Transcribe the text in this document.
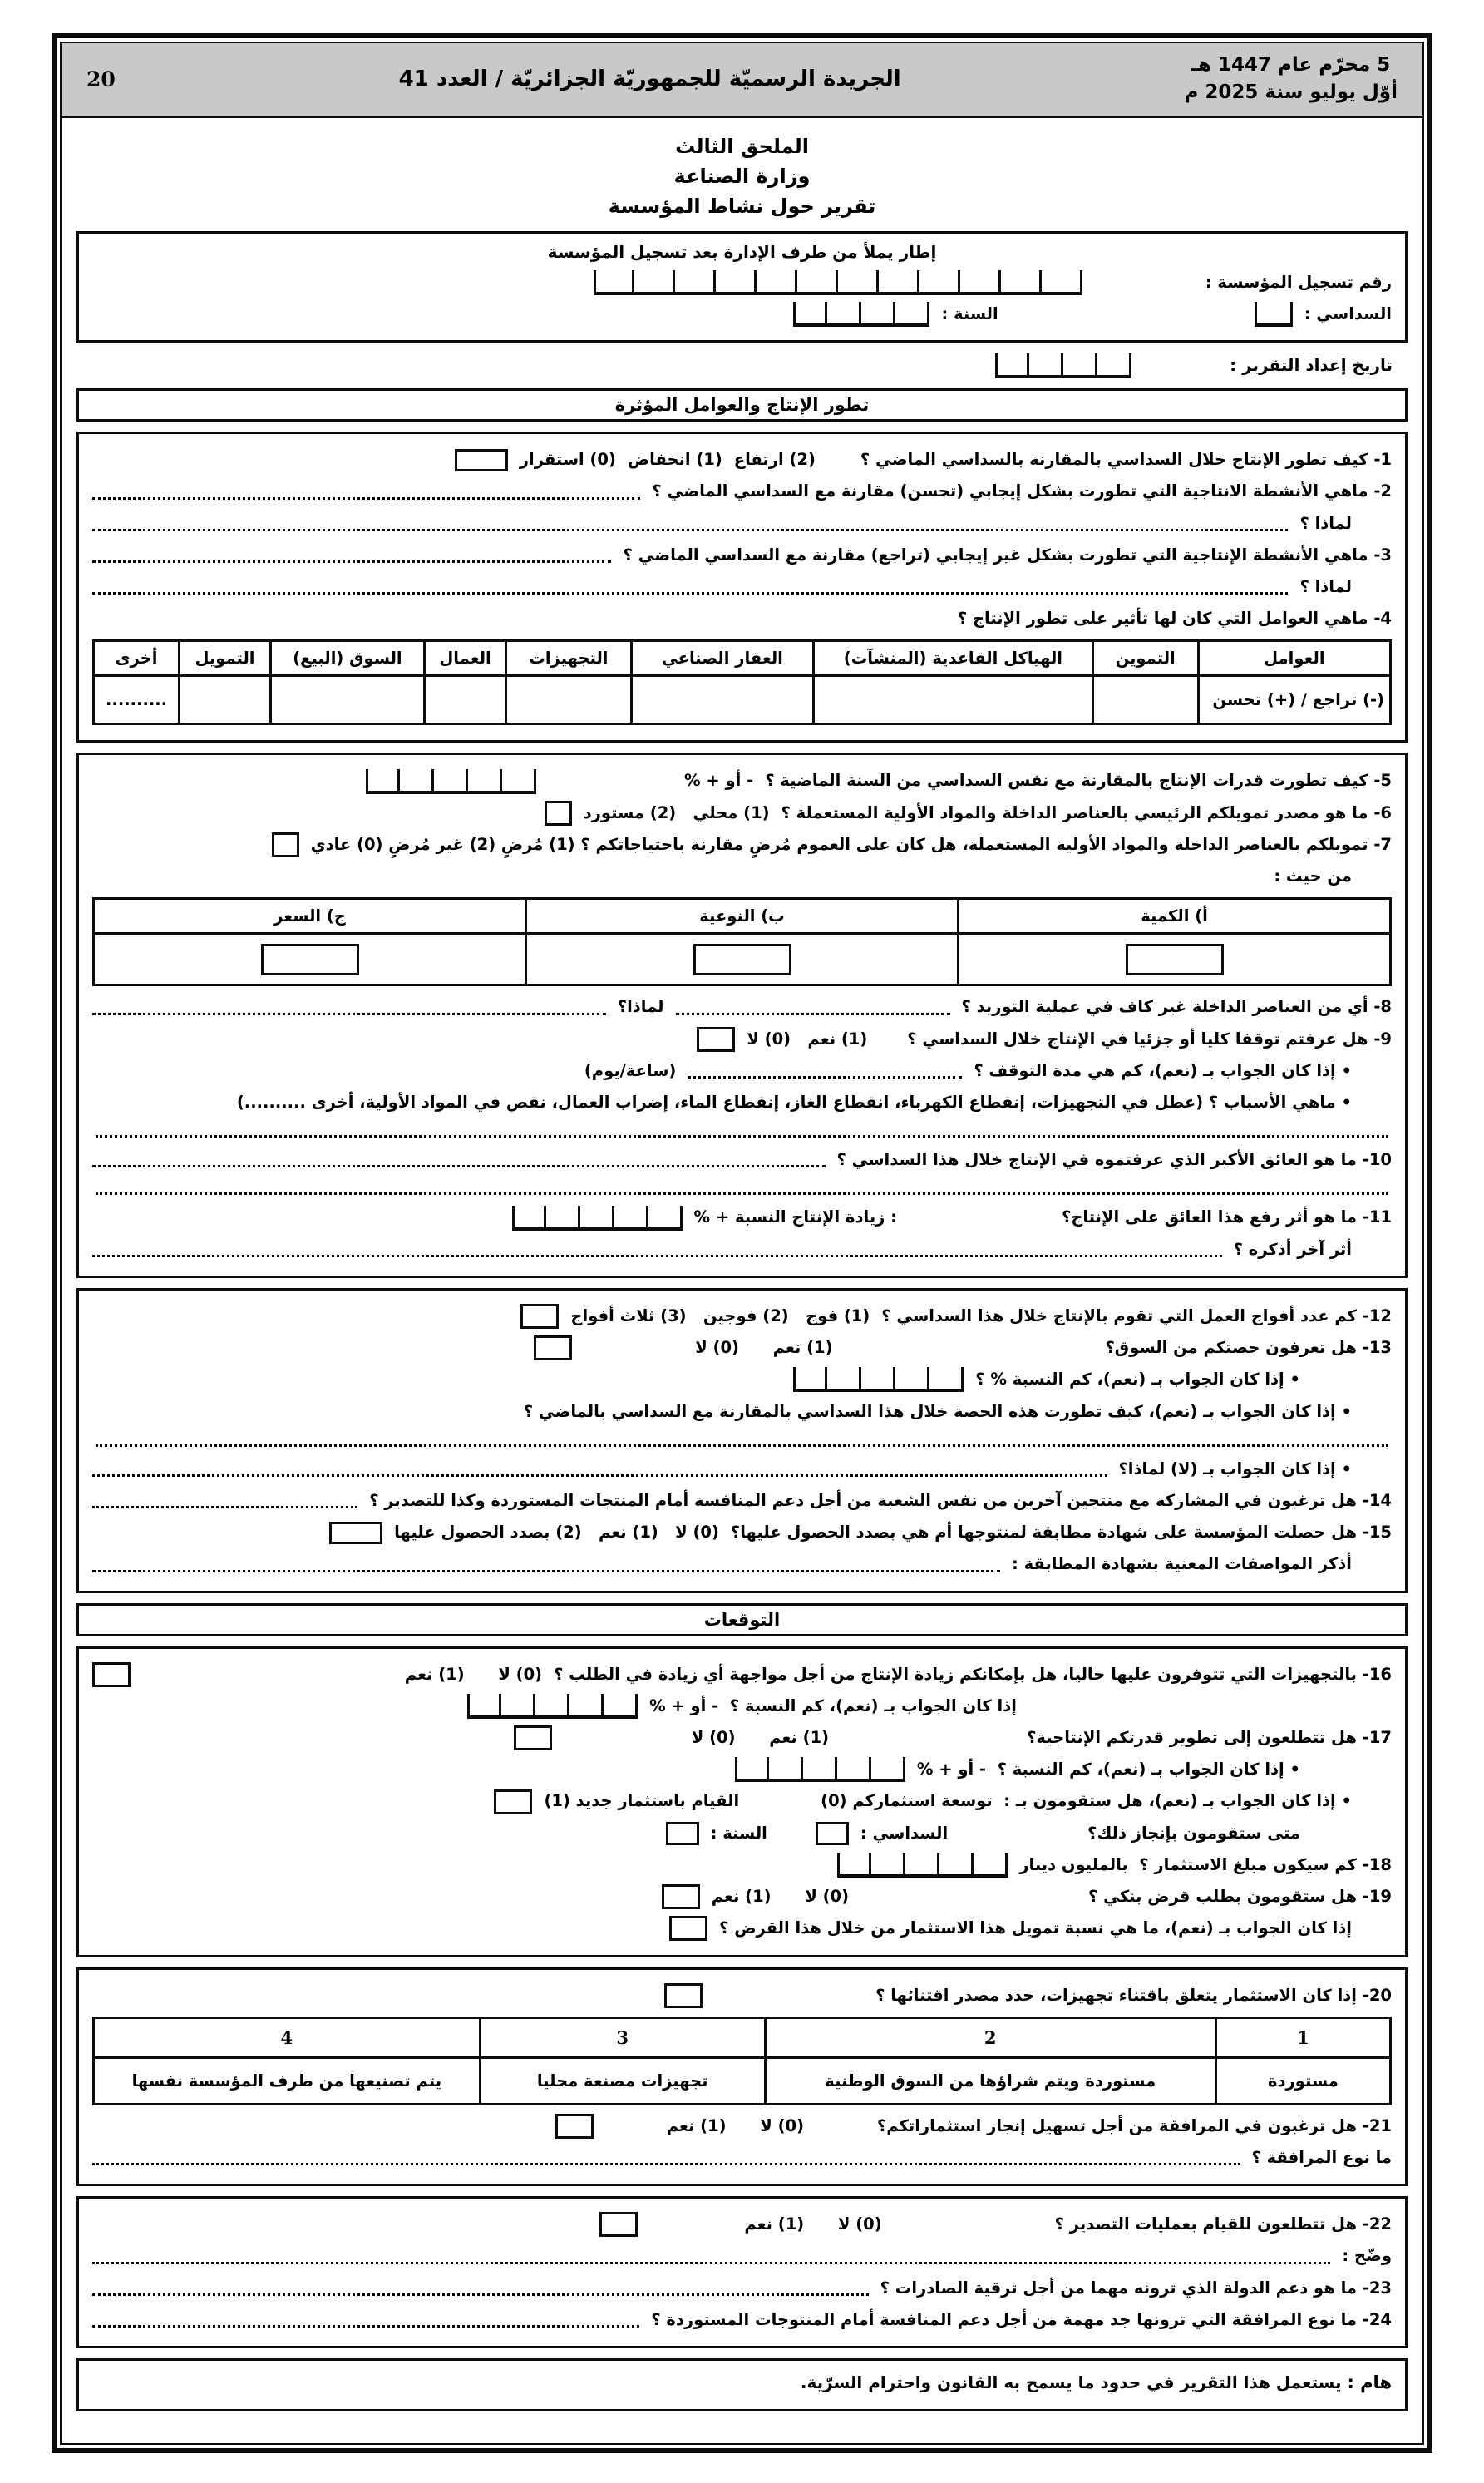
5 محرّم عام 1447 هـ
أوّل يوليو سنة 2025 م
الجريدة الرسميّة للجمهوريّة الجزائريّة / العدد 41
20
الملحق الثالث
وزارة الصناعة
تقرير حول نشاط المؤسسة
إطار يملأ من طرف الإدارة بعد تسجيل المؤسسة
رقم تسجيل المؤسسة :
السداسي :
السنة :
تاريخ إعداد التقرير :
تطور الإنتاج والعوامل المؤثرة
1- كيف تطور الإنتاج خلال السداسي بالمقارنة بالسداسي الماضي ؟
(2) ارتفاع
(1) انخفاض
(0) استقرار
2- ماهي الأنشطة الانتاجية التي تطورت بشكل إيجابي (تحسن) مقارنة مع السداسي الماضي ؟
لماذا ؟
3- ماهي الأنشطة الإنتاجية التي تطورت بشكل غير إيجابي (تراجع) مقارنة مع السداسي الماضي ؟
لماذا ؟
4- ماهي العوامل التي كان لها تأثير على تطور الإنتاج ؟
العوامل	التموين	الهياكل القاعدية (المنشآت)	العقار الصناعي	التجهيزات	العمال	السوق (البيع)	التمويل	أخرى
(-) تراجع / (+) تحسن								..........
5- كيف تطورت قدرات الإنتاج بالمقارنة مع نفس السداسي من السنة الماضية ؟
- أو + %
6- ما هو مصدر تمويلكم الرئيسي بالعناصر الداخلة والمواد الأولية المستعملة ؟
(1) محلي   (2) مستورد
7- تمويلكم بالعناصر الداخلة والمواد الأولية المستعملة، هل كان على العموم مُرضٍ مقارنة باحتياجاتكم ؟ (1) مُرضٍ (2) غير مُرضٍ (0) عادي
من حيث :
أ) الكمية	ب) النوعية	ج) السعر

8- أي من العناصر الداخلة غير كاف في عملية التوريد ؟
لماذا؟
9- هل عرفتم توقفا كليا أو جزئيا في الإنتاج خلال السداسي ؟
(1) نعم   (0) لا
• إذا كان الجواب بـ (نعم)، كم هي مدة التوقف ؟
(ساعة/يوم)
• ماهي الأسباب ؟ (عطل في التجهيزات، إنقطاع الكهرباء، انقطاع الغاز، إنقطاع الماء، إضراب العمال، نقص في المواد الأولية، أخرى ..........)
10- ما هو العائق الأكبر الذي عرفتموه في الإنتاج خلال هذا السداسي ؟
11- ما هو أثر رفع هذا العائق على الإنتاج؟
: زيادة الإنتاج النسبة + %
أثر آخر أذكره ؟
12- كم عدد أفواج العمل التي تقوم بالإنتاج خلال هذا السداسي ؟
(1) فوج   (2) فوجين   (3) ثلاث أفواج
13- هل تعرفون حصتكم من السوق؟
(1) نعم      (0) لا
• إذا كان الجواب بـ (نعم)، كم النسبة % ؟
• إذا كان الجواب بـ (نعم)، كيف تطورت هذه الحصة خلال هذا السداسي بالمقارنة مع السداسي بالماضي ؟
• إذا كان الجواب بـ (لا) لماذا؟
14- هل ترغبون في المشاركة مع منتجين آخرين من نفس الشعبة من أجل دعم المنافسة أمام المنتجات المستوردة وكذا للتصدير ؟
15- هل حصلت المؤسسة على شهادة مطابقة لمنتوجها أم هي بصدد الحصول عليها؟
(0) لا   (1) نعم   (2) بصدد الحصول عليها
أذكر المواصفات المعنية بشهادة المطابقة :
التوقعات
16- بالتجهيزات التي تتوفرون عليها حاليا، هل بإمكانكم زيادة الإنتاج من أجل مواجهة أي زيادة في الطلب ؟
(0) لا      (1) نعم
إذا كان الجواب بـ (نعم)، كم النسبة ؟  - أو + %
17- هل تتطلعون إلى تطوير قدرتكم الإنتاجية؟
(1) نعم      (0) لا
• إذا كان الجواب بـ (نعم)، كم النسبة ؟  - أو + %
• إذا كان الجواب بـ (نعم)، هل ستقومون بـ :  توسعة استثماركم (0)
القيام باستثمار جديد (1)
متى ستقومون بإنجاز ذلك؟
السداسي :
السنة :
18- كم سيكون مبلغ الاستثمار ؟  بالمليون دينار
19- هل ستقومون بطلب قرض بنكي ؟
(0) لا      (1) نعم
إذا كان الجواب بـ (نعم)، ما هي نسبة تمويل هذا الاستثمار من خلال هذا القرض ؟
20- إذا كان الاستثمار يتعلق باقتناء تجهيزات، حدد مصدر اقتنائها ؟
1	2	3	4
مستوردة	مستوردة ويتم شراؤها من السوق الوطنية	تجهيزات مصنعة محليا	يتم تصنيعها من طرف المؤسسة نفسها
21- هل ترغبون في المرافقة من أجل تسهيل إنجاز استثماراتكم؟
(0) لا      (1) نعم
ما نوع المرافقة ؟
22- هل تتطلعون للقيام بعمليات التصدير ؟
(0) لا      (1) نعم
وضّح :
23- ما هو دعم الدولة الذي ترونه مهما من أجل ترقية الصادرات ؟
24- ما نوع المرافقة التي ترونها جد مهمة من أجل دعم المنافسة أمام المنتوجات المستوردة ؟
هام : يستعمل هذا التقرير في حدود ما يسمح به القانون واحترام السرّية.
